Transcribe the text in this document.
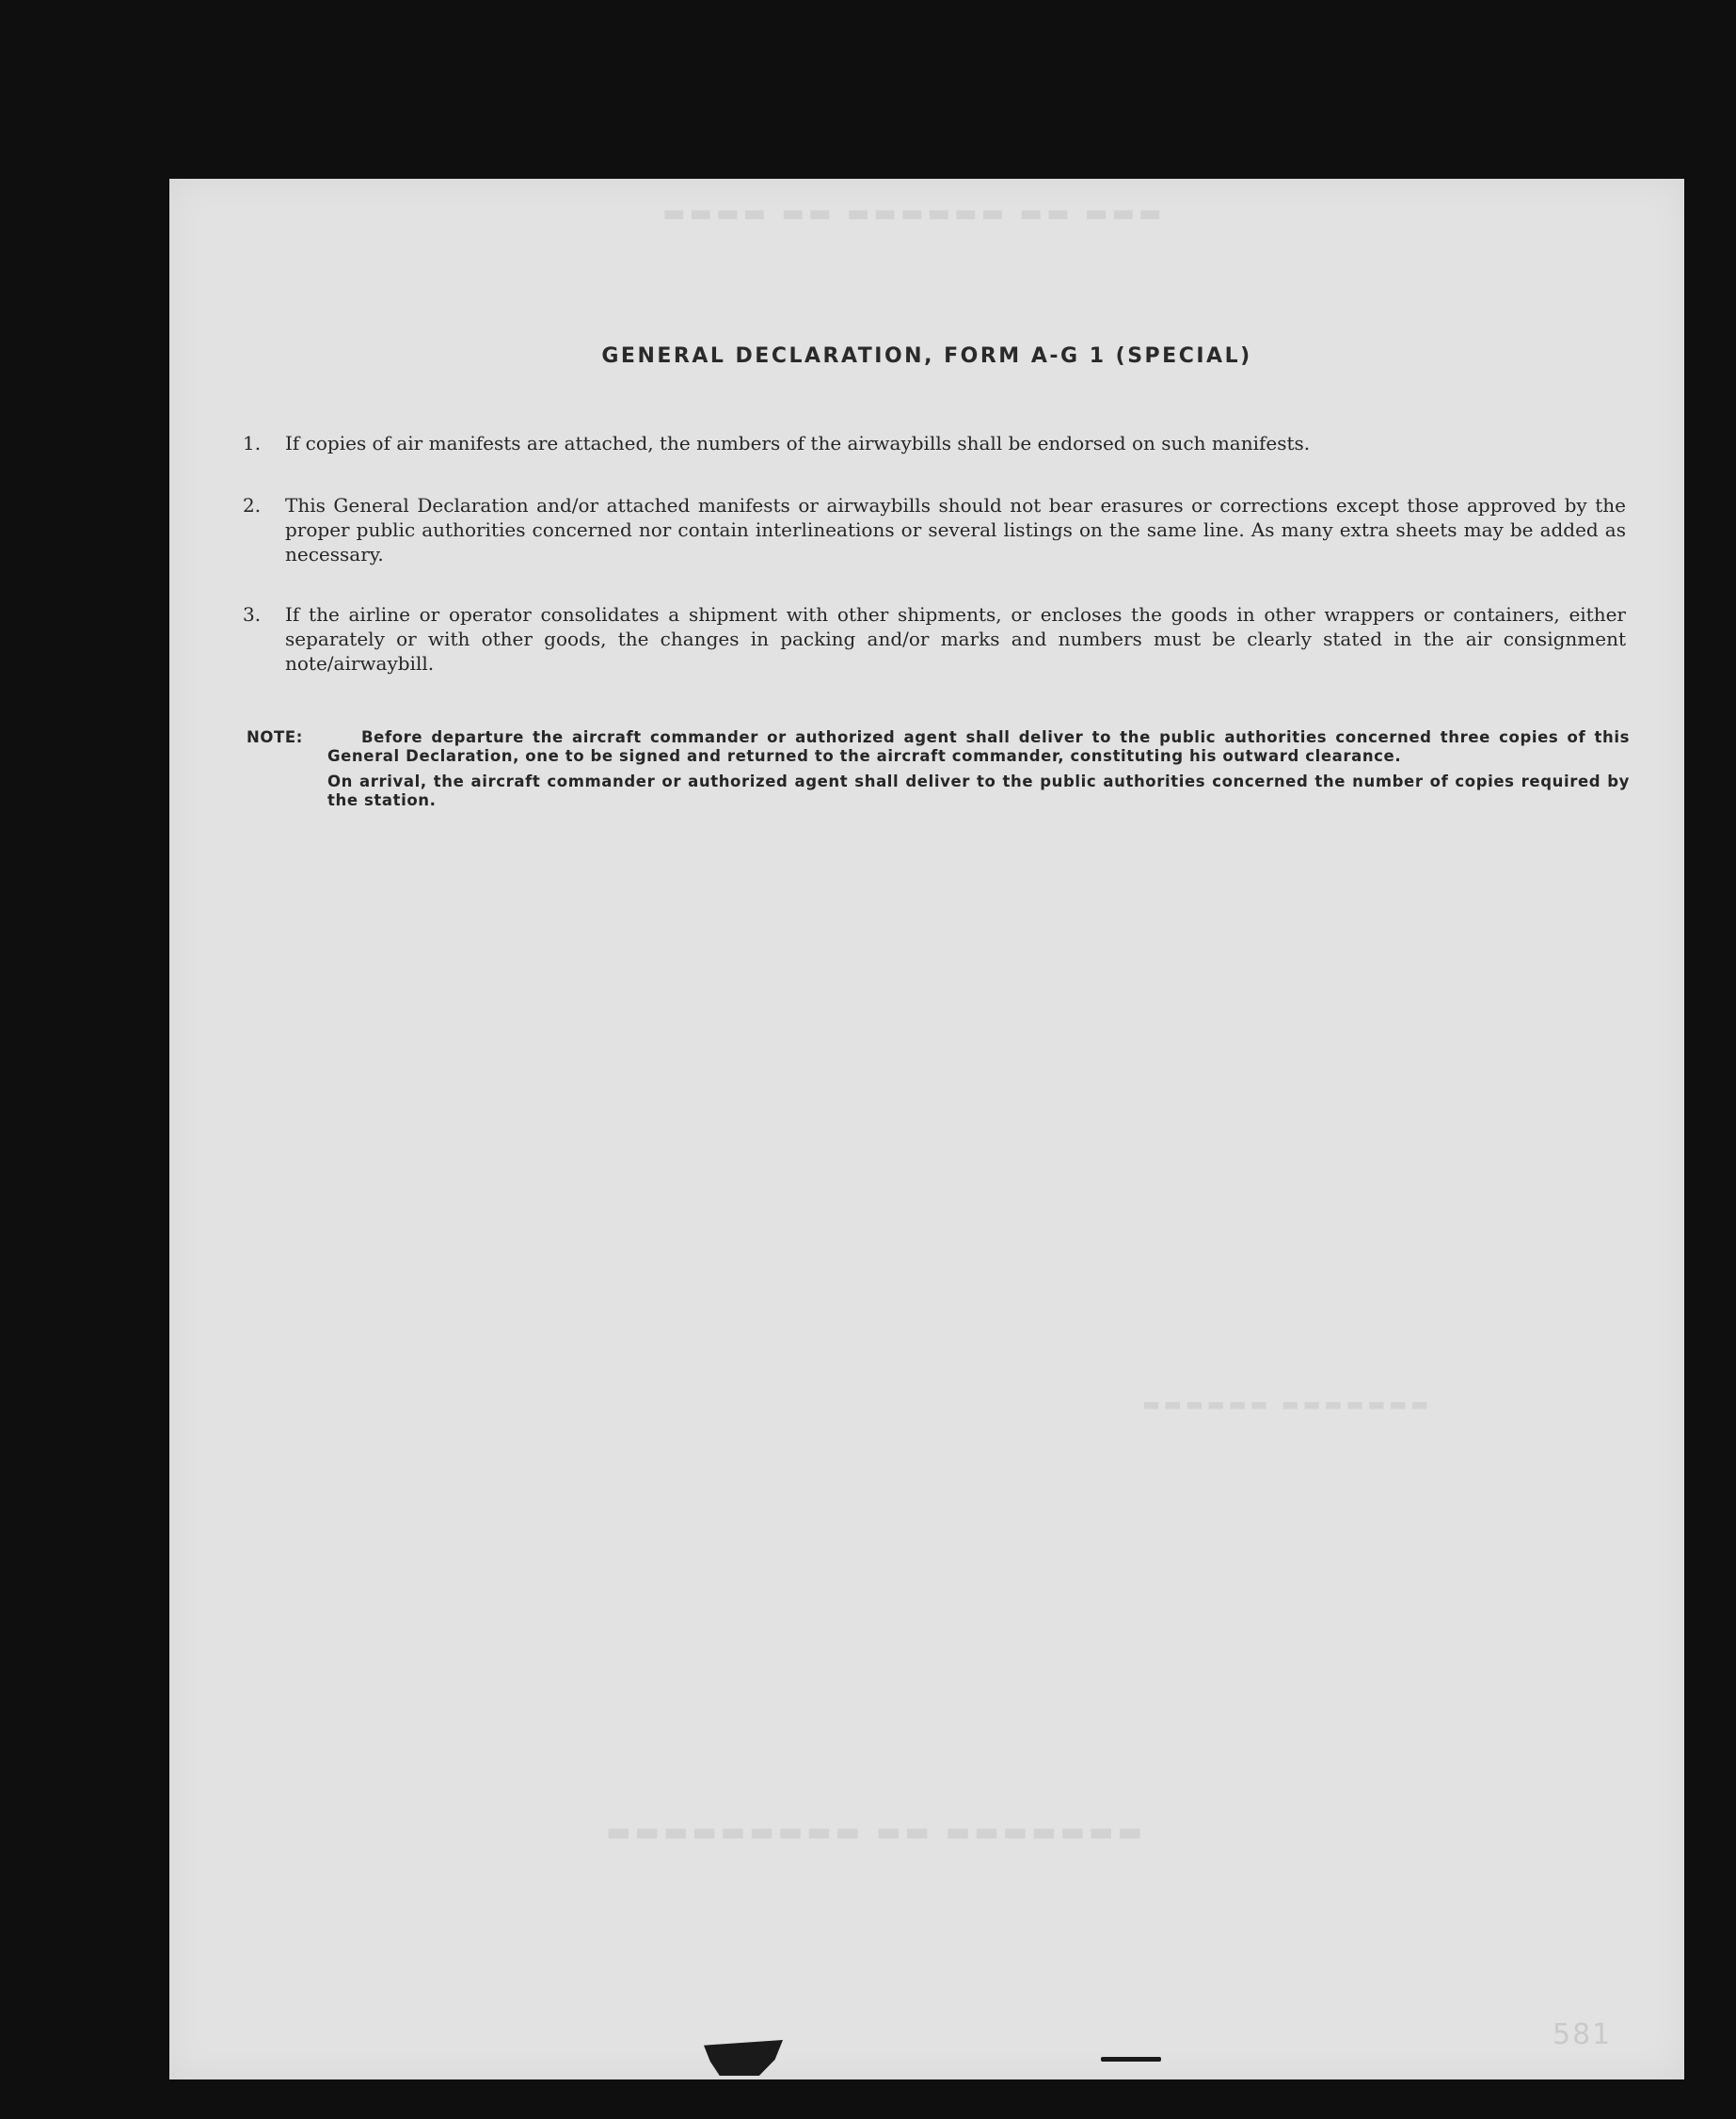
▬▬▬ ▬▬ ▬▬▬▬▬▬ ▬▬ ▬▬▬▬
▬▬▬▬▬▬▬ ▬▬ ▬▬▬▬▬▬▬▬▬
▬▬▬▬▬▬▬ ▬▬▬▬▬▬
GENERAL DECLARATION, FORM A-G 1 (SPECIAL)
1.	If copies of air manifests are attached, the numbers of the airwaybills shall be endorsed on such manifests.
2.	This General Declaration and/or attached manifests or airwaybills should not bear erasures or corrections except those approved by the proper public authorities concerned nor contain interlineations or several listings on the same line. As many extra sheets may be added as necessary.
3.	If the airline or operator consolidates a shipment with other shipments, or encloses the goods in other wrappers or containers, either separately or with other goods, the changes in packing and/or marks and numbers must be clearly stated in the air consignment note/airwaybill.
NOTE:	Before departure the aircraft commander or authorized agent shall deliver to the public authorities concerned three copies of this General Declaration, one to be signed and returned to the aircraft commander, constituting his outward clearance.
On arrival, the aircraft commander or authorized agent shall deliver to the public authorities concerned the number of copies required by the station.
581
